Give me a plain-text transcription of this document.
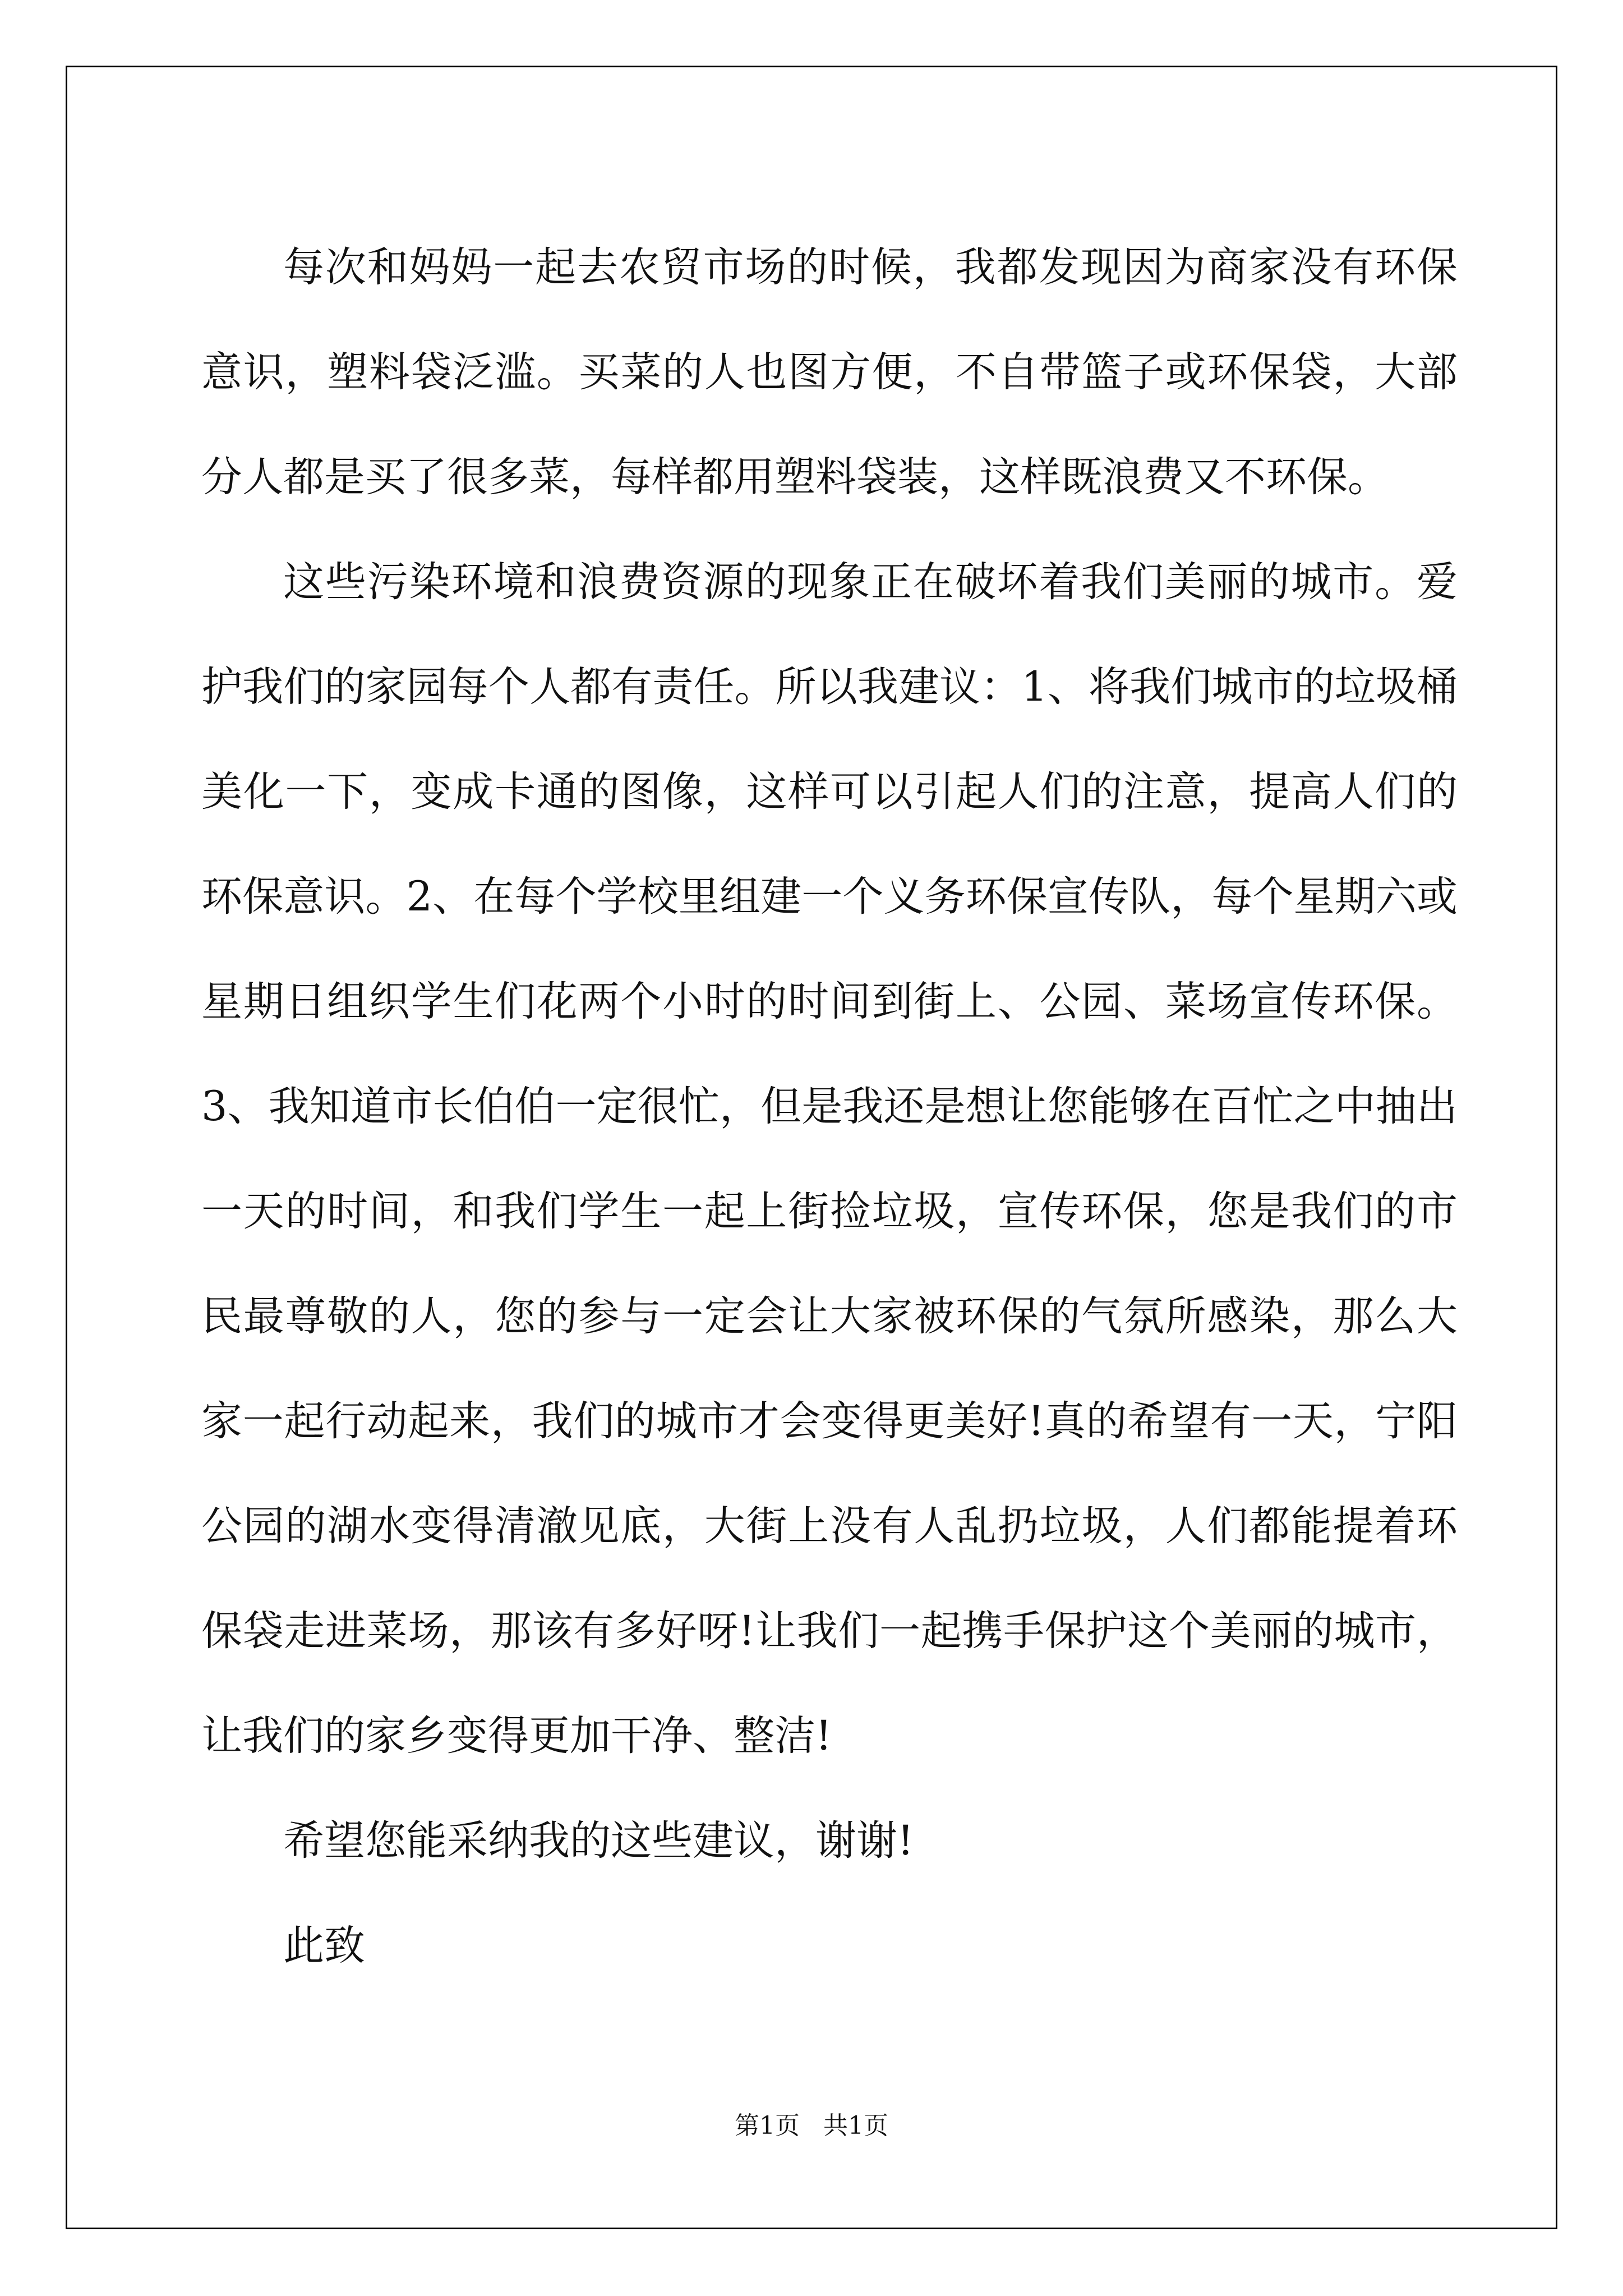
每次和妈妈一起去农贸市场的时候，我都发现因为商家没有环保意识，塑料袋泛滥。买菜的人也图方便，不自带篮子或环保袋，大部分人都是买了很多菜，每样都用塑料袋装，这样既浪费又不环保。

这些污染环境和浪费资源的现象正在破坏着我们美丽的城市。爱护我们的家园每个人都有责任。所以我建议：1、将我们城市的垃圾桶美化一下，变成卡通的图像，这样可以引起人们的注意，提高人们的环保意识。2、在每个学校里组建一个义务环保宣传队，每个星期六或星期日组织学生们花两个小时的时间到街上、公园、菜场宣传环保。3、我知道市长伯伯一定很忙，但是我还是想让您能够在百忙之中抽出一天的时间，和我们学生一起上街捡垃圾，宣传环保，您是我们的市民最尊敬的人，您的参与一定会让大家被环保的气氛所感染，那么大家一起行动起来，我们的城市才会变得更美好!真的希望有一天，宁阳公园的湖水变得清澈见底，大街上没有人乱扔垃圾，人们都能提着环保袋走进菜场，那该有多好呀!让我们一起携手保护这个美丽的城市，让我们的家乡变得更加干净、整洁!

希望您能采纳我的这些建议，谢谢!

此致

第1页   共1页
